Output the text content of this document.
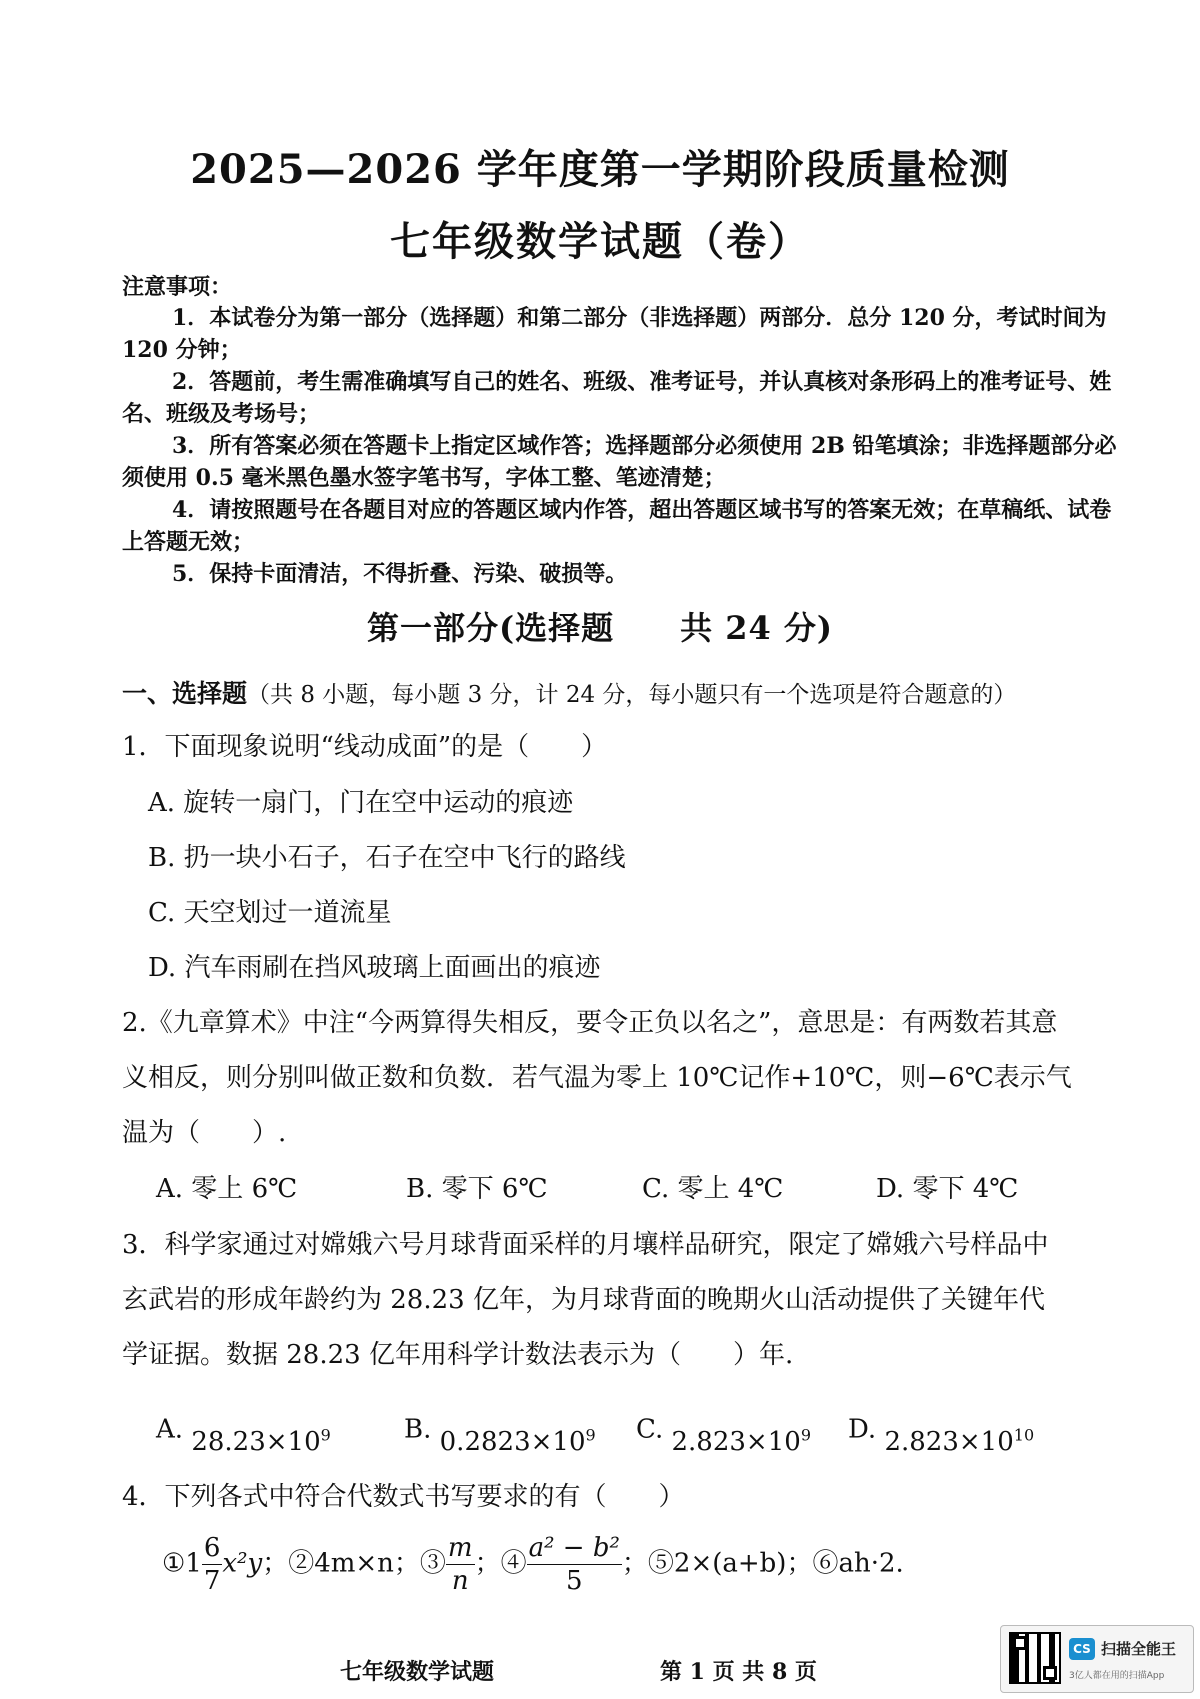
2025—2026 学年度第一学期阶段质量检测
七年级数学试题（卷）
注意事项：
1．本试卷分为第一部分（选择题）和第二部分（非选择题）两部分．总分 120 分，考试时间为 120 分钟；
2．答题前，考生需准确填写自己的姓名、班级、准考证号，并认真核对条形码上的准考证号、姓名、班级及考场号；
3．所有答案必须在答题卡上指定区域作答；选择题部分必须使用 2B 铅笔填涂；非选择题部分必须使用 0.5 毫米黑色墨水签字笔书写，字体工整、笔迹清楚；
4．请按照题号在各题目对应的答题区域内作答，超出答题区域书写的答案无效；在草稿纸、试卷上答题无效；
5．保持卡面清洁，不得折叠、污染、破损等。
第一部分(选择题　　共 24 分)
一、选择题（共 8 小题，每小题 3 分，计 24 分，每小题只有一个选项是符合题意的）
1．下面现象说明“线动成面”的是（　　）
A. 旋转一扇门，门在空中运动的痕迹
B. 扔一块小石子，石子在空中飞行的路线
C. 天空划过一道流星
D. 汽车雨刷在挡风玻璃上面画出的痕迹
2.《九章算术》中注“今两算得失相反，要令正负以名之”，意思是：有两数若其意
义相反，则分别叫做正数和负数．若气温为零上 10℃记作+10℃，则−6℃表示气
温为（　　）.
A. 零上 6℃	B. 零下 6℃	C. 零上 4℃	D. 零下 4℃
3．科学家通过对嫦娥六号月球背面采样的月壤样品研究，限定了嫦娥六号样品中
玄武岩的形成年龄约为 28.23 亿年，为月球背面的晚期火山活动提供了关键年代
学证据。数据 28.23 亿年用科学计数法表示为（　　）年.
A. $28.23\times 10^9$	B. $0.2823\times 10^9$	C. $2.823\times 10^9$	D. $2.823\times 10^{10}$
4．下列各式中符合代数式书写要求的有（　　）
①1 $\frac{6}{7} x^2y$；②4m×n；③ $\frac{m}{n}$ ；④ $\frac{\text{a² − b²}}{5}$ ；⑤2×(a+b)；⑥ah·2.
七年级数学试题	第 1 页 共 8 页
CS 扫描全能王
3亿人都在用的扫描App
